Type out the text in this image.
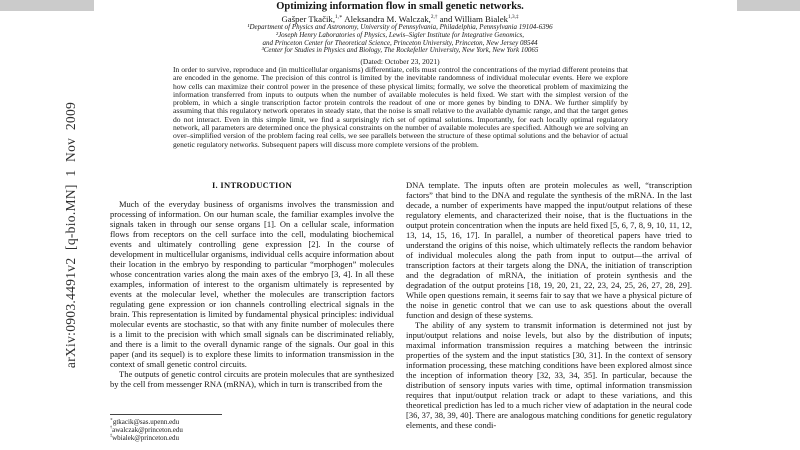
arXiv:0903.4491v2 [q-bio.MN] 1 Nov 2009
Optimizing information flow in small genetic networks.
Gašper Tkačik,$^{1,∗}$ Aleksandra M. Walczak,$^{2,\dagger}$ and William Bialek$^{1,3,\ddagger}$
¹Department of Physics and Astronomy, University of Pennsylvania, Philadelphia, Pennsylvania 19104-6396
²Joseph Henry Laboratories of Physics, Lewis–Sigler Institute for Integrative Genomics,
and Princeton Center for Theoretical Science, Princeton University, Princeton, New Jersey 08544
³Center for Studies in Physics and Biology, The Rockefeller University, New York, New York 10065
(Dated: October 23, 2021)
In order to survive, reproduce and (in multicellular organisms) differentiate, cells must control the concentrations of the myriad different proteins that are encoded in the genome. The precision of this control is limited by the inevitable randomness of individual molecular events. Here we explore how cells can maximize their control power in the presence of these physical limits; formally, we solve the theoretical problem of maximizing the information transferred from inputs to outputs when the number of available molecules is held fixed. We start with the simplest version of the problem, in which a single transcription factor protein controls the readout of one or more genes by binding to DNA. We further simplify by assuming that this regulatory network operates in steady state, that the noise is small relative to the available dynamic range, and that the target genes do not interact. Even in this simple limit, we find a surprisingly rich set of optimal solutions. Importantly, for each locally optimal regulatory network, all parameters are determined once the physical constraints on the number of available molecules are specified. Although we are solving an over–simplified version of the problem facing real cells, we see parallels between the structure of these optimal solutions and the behavior of actual genetic regulatory networks. Subsequent papers will discuss more complete versions of the problem.
I. INTRODUCTION
Much of the everyday business of organisms involves the transmission and processing of information. On our human scale, the familiar examples involve the signals taken in through our sense organs [1]. On a cellular scale, information flows from receptors on the cell surface into the cell, modulating biochemical events and ultimately controlling gene expression [2]. In the course of development in multicellular organisms, individual cells acquire information about their location in the embryo by responding to particular “morphogen” molecules whose concentration varies along the main axes of the embryo [3, 4]. In all these examples, information of interest to the organism ultimately is represented by events at the molecular level, whether the molecules are transcription factors regulating gene expression or ion channels controlling electrical signals in the brain. This representation is limited by fundamental physical principles: individual molecular events are stochastic, so that with any finite number of molecules there is a limit to the precision with which small signals can be discriminated reliably, and there is a limit to the overall dynamic range of the signals. Our goal in this paper (and its sequel) is to explore these limits to information transmission in the context of small genetic control circuits.
The outputs of genetic control circuits are protein molecules that are synthesized by the cell from messenger RNA (mRNA), which in turn is transcribed from the
DNA template. The inputs often are protein molecules as well, “transcription factors” that bind to the DNA and regulate the synthesis of the mRNA. In the last decade, a number of experiments have mapped the input/output relations of these regulatory elements, and characterized their noise, that is the fluctuations in the output protein concentration when the inputs are held fixed [5, 6, 7, 8, 9, 10, 11, 12, 13, 14, 15, 16, 17]. In parallel, a number of theoretical papers have tried to understand the origins of this noise, which ultimately reflects the random behavior of individual molecules along the path from input to output—the arrival of transcription factors at their targets along the DNA, the initiation of transcription and the degradation of mRNA, the initiation of protein synthesis and the degradation of the output proteins [18, 19, 20, 21, 22, 23, 24, 25, 26, 27, 28, 29]. While open questions remain, it seems fair to say that we have a physical picture of the noise in genetic control that we can use to ask questions about the overall function and design of these systems.
The ability of any system to transmit information is determined not just by input/output relations and noise levels, but also by the distribution of inputs; maximal information transmission requires a matching between the intrinsic properties of the system and the input statistics [30, 31]. In the context of sensory information processing, these matching conditions have been explored almost since the inception of information theory [32, 33, 34, 35]. In particular, because the distribution of sensory inputs varies with time, optimal information transmission requires that input/output relation track or adapt to these variations, and this theoretical prediction has led to a much richer view of adaptation in the neural code [36, 37, 38, 39, 40]. There are analogous matching conditions for genetic regulatory elements, and these condi-
∗gtkacik@sas.upenn.edu
†awalczak@princeton.edu
‡wbialek@princeton.edu
